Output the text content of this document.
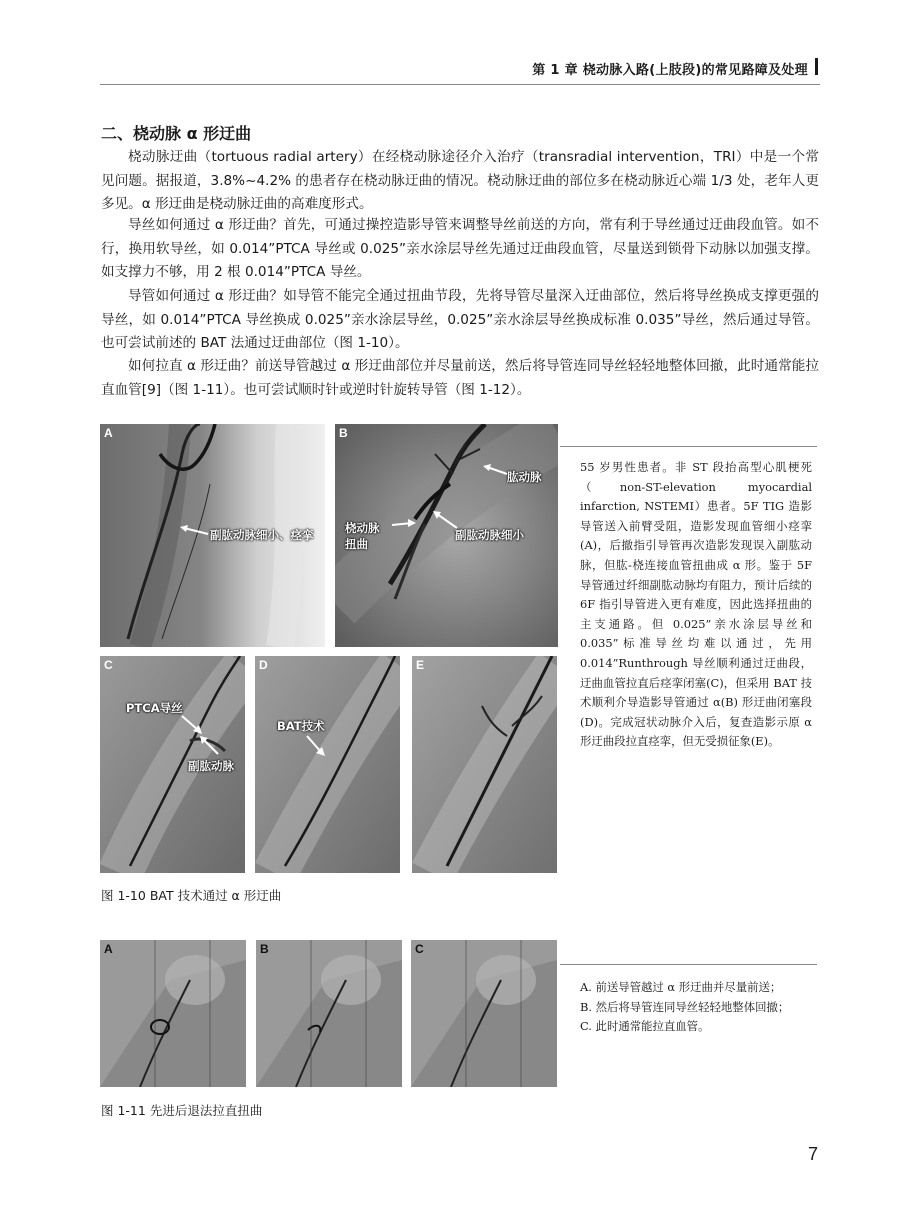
第 1 章 桡动脉入路(上肢段)的常见路障及处理
二、桡动脉 α 形迂曲

桡动脉迂曲（tortuous radial artery）在经桡动脉途径介入治疗（transradial intervention，TRI）中是一个常见问题。据报道，3.8%~4.2% 的患者存在桡动脉迂曲的情况。桡动脉迂曲的部位多在桡动脉近心端 1/3 处，老年人更多见。α 形迂曲是桡动脉迂曲的高难度形式。

导丝如何通过 α 形迂曲？首先，可通过操控造影导管来调整导丝前送的方向，常有利于导丝通过迂曲段血管。如不行，换用软导丝，如 0.014”PTCA 导丝或 0.025”亲水涂层导丝先通过迂曲段血管，尽量送到锁骨下动脉以加强支撑。如支撑力不够，用 2 根 0.014”PTCA 导丝。

导管如何通过 α 形迂曲？如导管不能完全通过扭曲节段，先将导管尽量深入迂曲部位，然后将导丝换成支撑更强的导丝，如 0.014”PTCA 导丝换成 0.025”亲水涂层导丝，0.025”亲水涂层导丝换成标准 0.035”导丝，然后通过导管。也可尝试前述的 BAT 法通过迂曲部位（图 1-10）。

如何拉直 α 形迂曲？前送导管越过 α 形迂曲部位并尽量前送，然后将导管连同导丝轻轻地整体回撤，此时通常能拉直血管[9]（图 1-11）。也可尝试顺时针或逆时针旋转导管（图 1-12）。

A
副肱动脉细小、痉挛
B
肱动脉
桡动脉
扭曲
副肱动脉细小
C
PTCA导丝
副肱动脉
D
BAT技术
E
55 岁男性患者。非 ST 段抬高型心肌梗死（non-ST-elevation myocardial infarction, NSTEMI）患者。5F TIG 造影导管送入前臂受阻，造影发现血管细小痉挛(A)，后撤指引导管再次造影发现误入副肱动脉，但肱-桡连接血管扭曲成 α 形。鉴于 5F 导管通过纤细副肱动脉均有阻力，预计后续的 6F 指引导管进入更有难度，因此选择扭曲的主支通路。但 0.025”亲水涂层导丝和 0.035”标准导丝均难以通过，先用 0.014”Runthrough 导丝顺利通过迂曲段，迂曲血管拉直后痉挛闭塞(C)，但采用 BAT 技术顺利介导造影导管通过 α(B) 形迂曲闭塞段(D)。完成冠状动脉介入后，复查造影示原 α 形迂曲段拉直痉挛，但无受损征象(E)。
图 1-10 BAT 技术通过 α 形迂曲
A	B	C
A. 前送导管越过 α 形迂曲并尽量前送；
B. 然后将导管连同导丝轻轻地整体回撤；
C. 此时通常能拉直血管。
图 1-11 先进后退法拉直扭曲
7
